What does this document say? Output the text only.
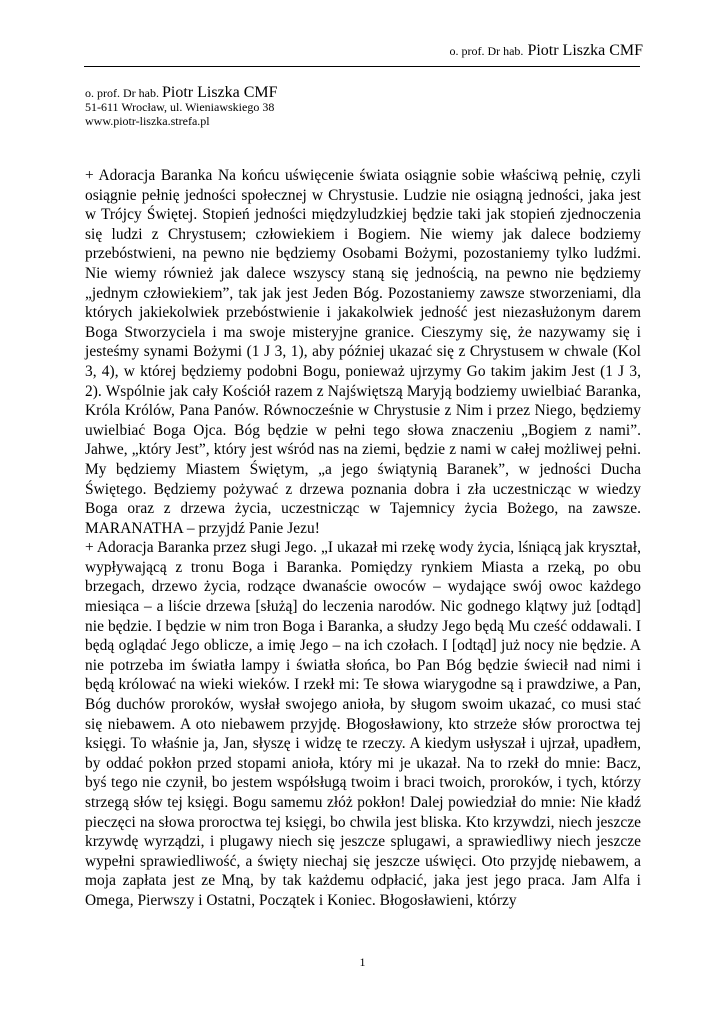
o. prof. Dr hab. Piotr Liszka CMF
o. prof. Dr hab. Piotr Liszka CMF
51-611 Wrocław, ul. Wieniawskiego 38
www.piotr-liszka.strefa.pl

+ Adoracja Baranka Na końcu uświęcenie świata osiągnie sobie właściwą pełnię, czyli osiągnie pełnię jedności społecznej w Chrystusie. Ludzie nie osiągną jedności, jaka jest w Trójcy Świętej. Stopień jedności międzyludzkiej będzie taki jak stopień zjednoczenia się ludzi z Chrystusem; człowiekiem i Bogiem. Nie wiemy jak dalece bodziemy przebóstwieni, na pewno nie będziemy Osobami Bożymi, pozostaniemy tylko ludźmi. Nie wiemy również jak dalece wszyscy staną się jednością, na pewno nie będziemy „jednym człowiekiem”, tak jak jest Jeden Bóg. Pozostaniemy zawsze stworzeniami, dla których jakiekolwiek przebóstwienie i jakakolwiek jedność jest niezasłużonym darem Boga Stworzyciela i ma swoje misteryjne granice. Cieszymy się, że nazywamy się i jesteśmy synami Bożymi (1 J 3, 1), aby później ukazać się z Chrystusem w chwale (Kol 3, 4), w której będziemy podobni Bogu, ponieważ ujrzymy Go takim jakim Jest (1 J 3, 2). Wspólnie jak cały Kościół razem z Najświętszą Maryją bodziemy uwielbiać Baranka, Króla Królów, Pana Panów. Równocześnie w Chrystusie z Nim i przez Niego, będziemy uwielbiać Boga Ojca. Bóg będzie w pełni tego słowa znaczeniu „Bogiem z nami”. Jahwe, „który Jest”, który jest wśród nas na ziemi, będzie z nami w całej możliwej pełni. My będziemy Miastem Świętym, „a jego świątynią Baranek”, w jedności Ducha Świętego. Będziemy pożywać z drzewa poznania dobra i zła uczestnicząc w wiedzy Boga oraz z drzewa życia, uczestnicząc w Tajemnicy życia Bożego, na zawsze. MARANATHA – przyjdź Panie Jezu!

+ Adoracja Baranka przez sługi Jego. „I ukazał mi rzekę wody życia, lśniącą jak kryształ, wypływającą z tronu Boga i Baranka. Pomiędzy rynkiem Miasta a rzeką, po obu brzegach, drzewo życia, rodzące dwanaście owoców – wydające swój owoc każdego miesiąca – a liście drzewa [służą] do leczenia narodów. Nic godnego klątwy już [odtąd] nie będzie. I będzie w nim tron Boga i Baranka, a słudzy Jego będą Mu cześć oddawali. I będą oglądać Jego oblicze, a imię Jego – na ich czołach. I [odtąd] już nocy nie będzie. A nie potrzeba im światła lampy i światła słońca, bo Pan Bóg będzie świecił nad nimi i będą królować na wieki wieków. I rzekł mi: Te słowa wiarygodne są i prawdziwe, a Pan, Bóg duchów proroków, wysłał swojego anioła, by sługom swoim ukazać, co musi stać się niebawem. A oto niebawem przyjdę. Błogosławiony, kto strzeże słów proroctwa tej księgi. To właśnie ja, Jan, słyszę i widzę te rzeczy. A kiedym usłyszał i ujrzał, upadłem, by oddać pokłon przed stopami anioła, który mi je ukazał. Na to rzekł do mnie: Bacz, byś tego nie czynił, bo jestem współsługą twoim i braci twoich, proroków, i tych, którzy strzegą słów tej księgi. Bogu samemu złóż pokłon! Dalej powiedział do mnie: Nie kładź pieczęci na słowa proroctwa tej księgi, bo chwila jest bliska. Kto krzywdzi, niech jeszcze krzywdę wyrządzi, i plugawy niech się jeszcze splugawi, a sprawiedliwy niech jeszcze wypełni sprawiedliwość, a święty niechaj się jeszcze uświęci. Oto przyjdę niebawem, a moja zapłata jest ze Mną, by tak każdemu odpłacić, jaka jest jego praca. Jam Alfa i Omega, Pierwszy i Ostatni, Początek i Koniec. Błogosławieni, którzy

1
